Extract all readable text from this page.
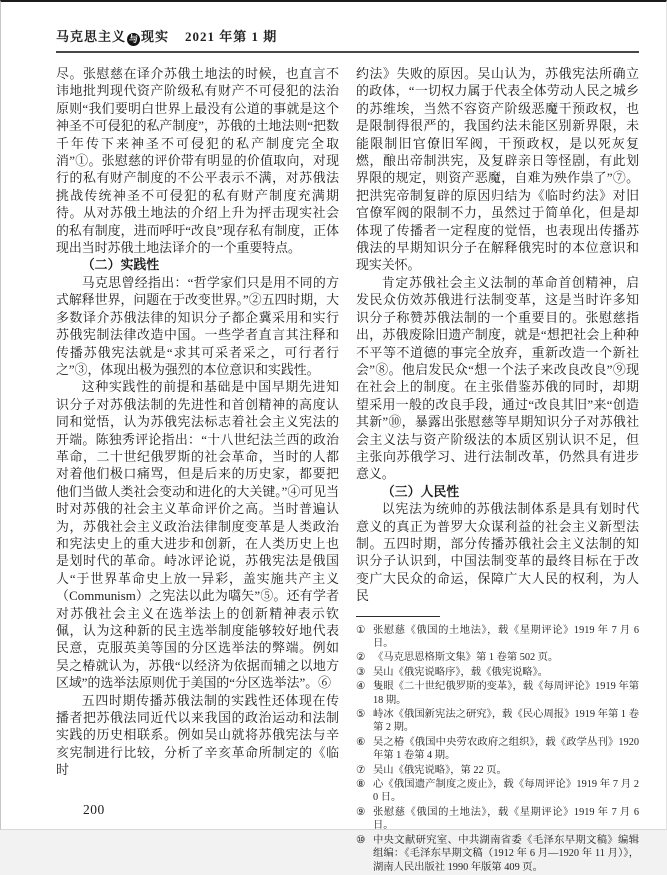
马克思主义 与 现实 2021 年第 1 期

尽。张慰慈在译介苏俄土地法的时候，也直言不讳地批判现代资产阶级私有财产不可侵犯的法治原则“我们要明白世界上最没有公道的事就是这个神圣不可侵犯的私产制度”，苏俄的土地法则“把数千年传下来神圣不可侵犯的私产制度完全取消”①。张慰慈的评价带有明显的价值取向，对现行的私有财产制度的不公平表示不满，对苏俄法挑战传统神圣不可侵犯的私有财产制度充满期待。从对苏俄土地法的介绍上升为抨击现实社会的私有制度，进而呼吁“改良”现存私有制度，正体现出当时苏俄土地法译介的一个重要特点。

（二）实践性

马克思曾经指出：“哲学家们只是用不同的方式解释世界，问题在于改变世界。”②五四时期，大多数译介苏俄法律的知识分子都企冀采用和实行苏俄宪制法律改造中国。一些学者直言其注释和传播苏俄宪法就是“求其可采者采之，可行者行之”③，体现出极为强烈的本位意识和实践性。

这种实践性的前提和基础是中国早期先进知识分子对苏俄法制的先进性和首创精神的高度认同和觉悟，认为苏俄宪法标志着社会主义宪法的开端。陈独秀评论指出：“十八世纪法兰西的政治革命，二十世纪俄罗斯的社会革命，当时的人都对着他们极口痛骂，但是后来的历史家，都要把他们当做人类社会变动和进化的大关键。”④可见当时对苏俄的社会主义革命评价之高。当时普遍认为，苏俄社会主义政治法律制度变革是人类政治和宪法史上的重大进步和创新，在人类历史上也是划时代的革命。峙冰评论说，苏俄宪法是俄国人“于世界革命史上放一异彩，盖实施共产主义（Communism）之宪法以此为嚆矢”⑤。还有学者对苏俄社会主义在选举法上的创新精神表示钦佩，认为这种新的民主选举制度能够较好地代表民意，克服英美等国的分区选举法的弊端。例如吴之椿就认为，苏俄“以经济为依据而辅之以地方区域”的选举法原则优于美国的“分区选举法”。⑥

五四时期传播苏俄法制的实践性还体现在传播者把苏俄法同近代以来我国的政治运动和法制实践的历史相联系。例如吴山就将苏俄宪法与辛亥宪制进行比较，分析了辛亥革命所制定的《临时

约法》失败的原因。吴山认为，苏俄宪法所确立的政体，“一切权力属于代表全体劳动人民之城乡的苏维埃，当然不容资产阶级恶魔干预政权，也是限制得很严的，我国约法未能区别新界限，未能限制旧官僚旧军阀，干预政权，是以死灰复燃，酿出帝制洪宪，及复辟亲日等怪剧，有此划界限的规定，则资产恶魔，自难为殃作祟了”⑦。把洪宪帝制复辟的原因归结为《临时约法》对旧官僚军阀的限制不力，虽然过于简单化，但是却体现了传播者一定程度的觉悟，也表现出传播苏俄法的早期知识分子在解释俄宪时的本位意识和现实关怀。

肯定苏俄社会主义法制的革命首创精神，启发民众仿效苏俄进行法制变革，这是当时许多知识分子称赞苏俄法制的一个重要目的。张慰慈指出，苏俄废除旧遗产制度，就是“想把社会上种种不平等不道德的事完全放弃，重新改造一个新社会”⑧。他启发民众“想一个法子来改良改良”⑨现在社会上的制度。在主张借鉴苏俄的同时，却期望采用一般的改良手段，通过“改良其旧”来“创造其新”⑩，暴露出张慰慈等早期知识分子对苏俄社会主义法与资产阶级法的本质区别认识不足，但主张向苏俄学习、进行法制改革，仍然具有进步意义。

（三）人民性

以宪法为统帅的苏俄法制体系是具有划时代意义的真正为普罗大众谋利益的社会主义新型法制。五四时期，部分传播苏俄社会主义法制的知识分子认识到，中国法制变革的最终目标在于改变广大民众的命运，保障广大人民的权利，为人民

① 张慰慈《俄国的土地法》，载《星期评论》1919 年 7 月 6 日。
② 《马克思恩格斯文集》第 1 卷第 502 页。
③ 吴山《俄宪说略序》，载《俄宪说略》。
④ 隻眼《二十世纪俄罗斯的变革》，载《每周评论》1919 年第 18 期。
⑤ 峙冰《俄国新宪法之研究》，载《民心周报》1919 年第 1 卷第 2 期。
⑥ 吴之椿《俄国中央劳农政府之组织》，载《政学丛刊》1920 年第 1 卷第 4 期。
⑦ 吴山《俄宪说略》，第 22 页。
⑧ 心《俄国遗产制度之废止》，载《每周评论》1919 年 7 月 20 日。
⑨ 张慰慈《俄国的土地法》，载《星期评论》1919 年 7 月 6 日。
⑩ 中央文献研究室、中共湖南省委《毛泽东早期文稿》编辑组编：《毛泽东早期文稿（1912 年 6 月—1920 年 11 月）》，湖南人民出版社 1990 年版第 409 页。
200
